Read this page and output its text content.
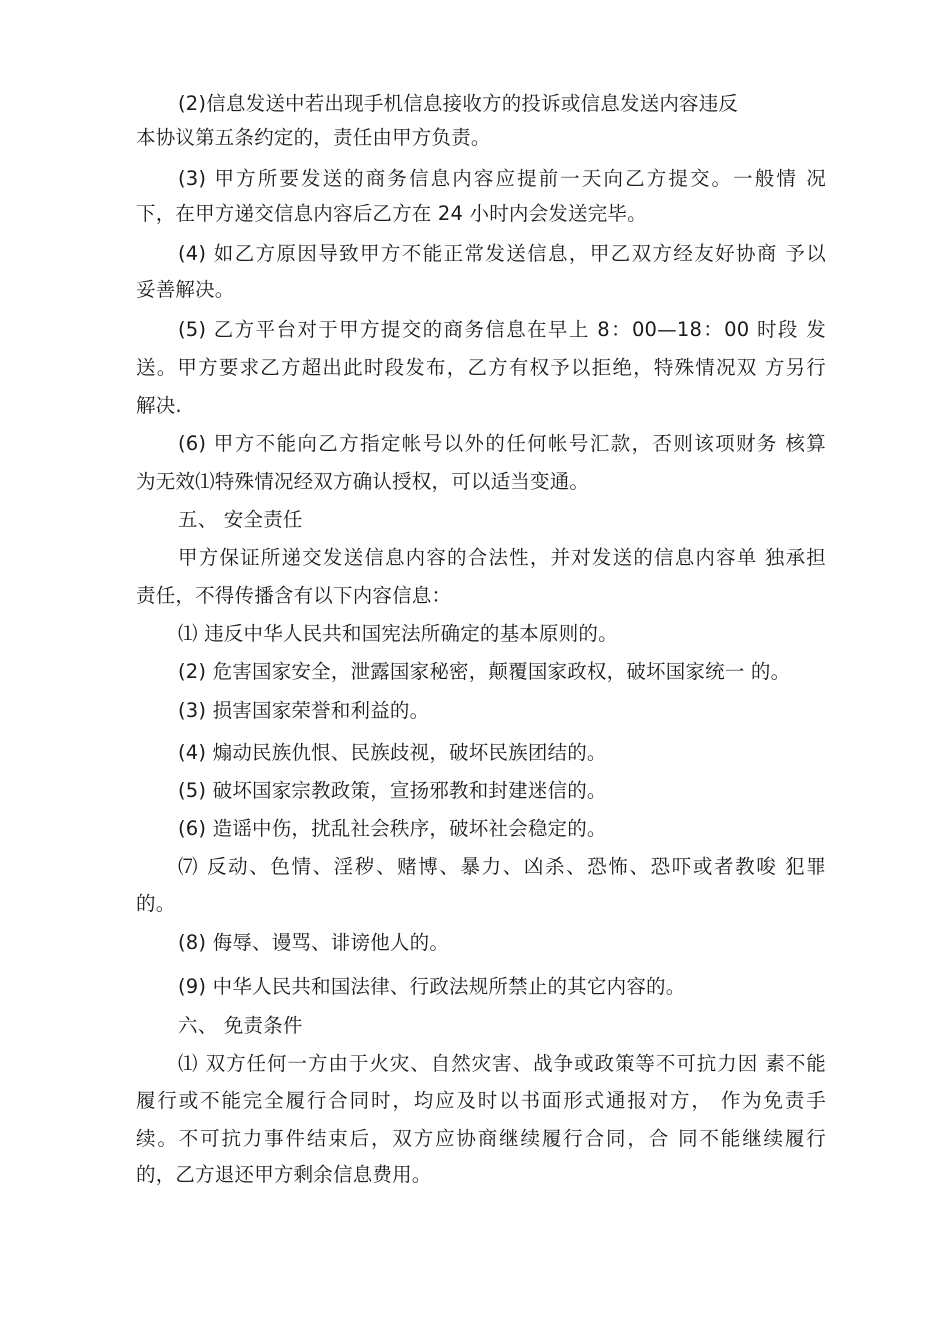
(2)信息发送中若出现手机信息接收方的投诉或信息发送内容违反
本协议第五条约定的，责任由甲方负责。
(3) 甲方所要发送的商务信息内容应提前一天向乙方提交。一般情 况
下，在甲方递交信息内容后乙方在 24 小时内会发送完毕。
(4) 如乙方原因导致甲方不能正常发送信息，甲乙双方经友好协商 予以
妥善解决。
(5) 乙方平台对于甲方提交的商务信息在早上 8：00—18：00 时段 发
送。甲方要求乙方超出此时段发布，乙方有权予以拒绝，特殊情况双 方另行
解决.
(6) 甲方不能向乙方指定帐号以外的任何帐号汇款，否则该项财务 核算
为无效⑴特殊情况经双方确认授权，可以适当变通。
五、 安全责任
甲方保证所递交发送信息内容的合法性，并对发送的信息内容单 独承担
责任，不得传播含有以下内容信息：
⑴ 违反中华人民共和国宪法所确定的基本原则的。
(2) 危害国家安全，泄露国家秘密，颠覆国家政权，破坏国家统一 的。
(3) 损害国家荣誉和利益的。
(4) 煽动民族仇恨、民族歧视，破坏民族团结的。
(5) 破坏国家宗教政策，宣扬邪教和封建迷信的。
(6) 造谣中伤，扰乱社会秩序，破坏社会稳定的。
⑺ 反动、色情、淫秽、赌博、暴力、凶杀、恐怖、恐吓或者教唆 犯罪
的。
(8) 侮辱、谩骂、诽谤他人的。
(9) 中华人民共和国法律、行政法规所禁止的其它内容的。
六、 免责条件
⑴ 双方任何一方由于火灾、自然灾害、战争或政策等不可抗力因 素不能
履行或不能完全履行合同时，均应及时以书面形式通报对方， 作为免责手
续。不可抗力事件结束后，双方应协商继续履行合同，合 同不能继续履行
的，乙方退还甲方剩余信息费用。
